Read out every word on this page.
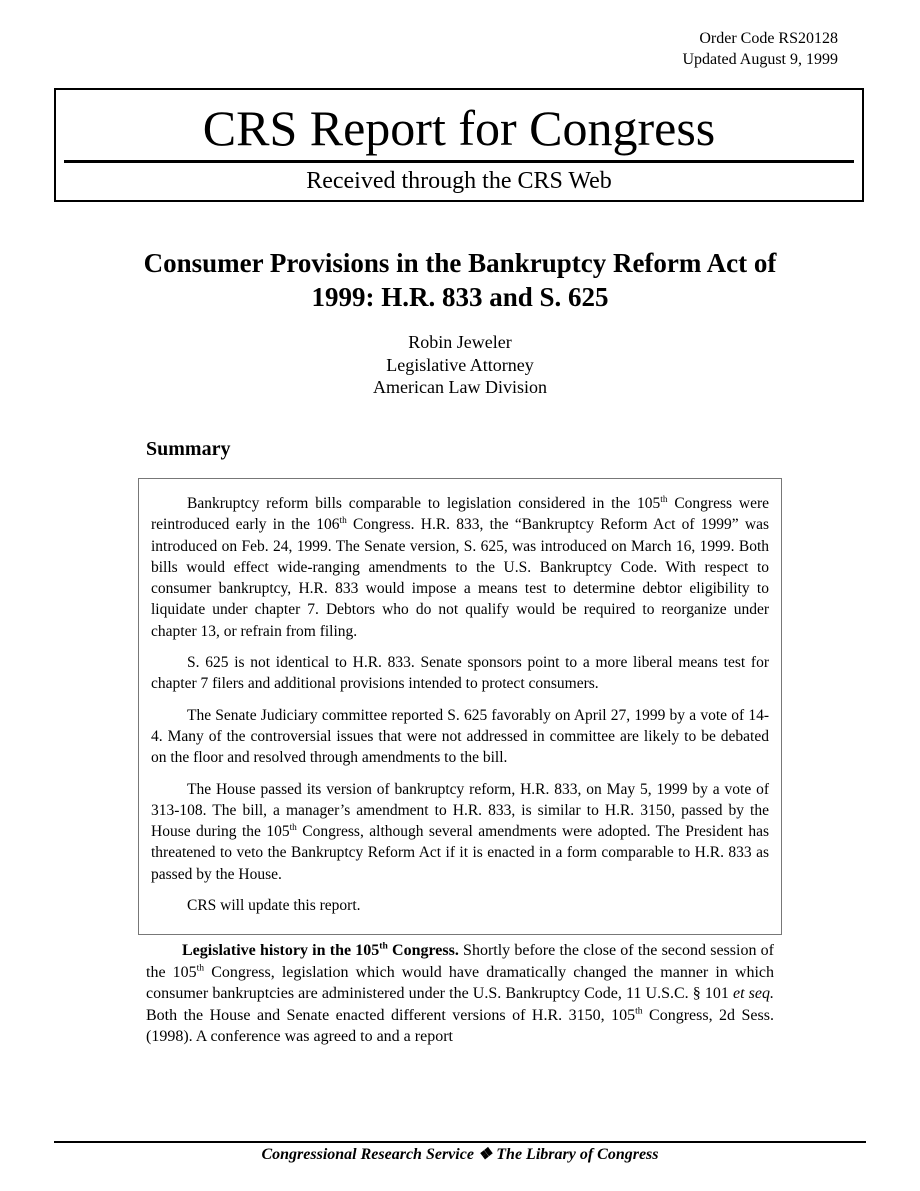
Order Code RS20128
Updated August 9, 1999
CRS Report for Congress
Received through the CRS Web
Consumer Provisions in the Bankruptcy Reform Act of 1999: H.R. 833 and S. 625
Robin Jeweler
Legislative Attorney
American Law Division
Summary

Bankruptcy reform bills comparable to legislation considered in the 105th Congress were reintroduced early in the 106th Congress. H.R. 833, the “Bankruptcy Reform Act of 1999” was introduced on Feb. 24, 1999. The Senate version, S. 625, was introduced on March 16, 1999. Both bills would effect wide-ranging amendments to the U.S. Bankruptcy Code. With respect to consumer bankruptcy, H.R. 833 would impose a means test to determine debtor eligibility to liquidate under chapter 7. Debtors who do not qualify would be required to reorganize under chapter 13, or refrain from filing.

S. 625 is not identical to H.R. 833. Senate sponsors point to a more liberal means test for chapter 7 filers and additional provisions intended to protect consumers.

The Senate Judiciary committee reported S. 625 favorably on April 27, 1999 by a vote of 14-4. Many of the controversial issues that were not addressed in committee are likely to be debated on the floor and resolved through amendments to the bill.

The House passed its version of bankruptcy reform, H.R. 833, on May 5, 1999 by a vote of 313-108. The bill, a manager’s amendment to H.R. 833, is similar to H.R. 3150, passed by the House during the 105th Congress, although several amendments were adopted. The President has threatened to veto the Bankruptcy Reform Act if it is enacted in a form comparable to H.R. 833 as passed by the House.

CRS will update this report.

Legislative history in the 105th Congress. Shortly before the close of the second session of the 105th Congress, legislation which would have dramatically changed the manner in which consumer bankruptcies are administered under the U.S. Bankruptcy Code, 11 U.S.C. § 101 et seq. Both the House and Senate enacted different versions of H.R. 3150, 105th Congress, 2d Sess. (1998). A conference was agreed to and a report

Congressional Research Service ❖ The Library of Congress
